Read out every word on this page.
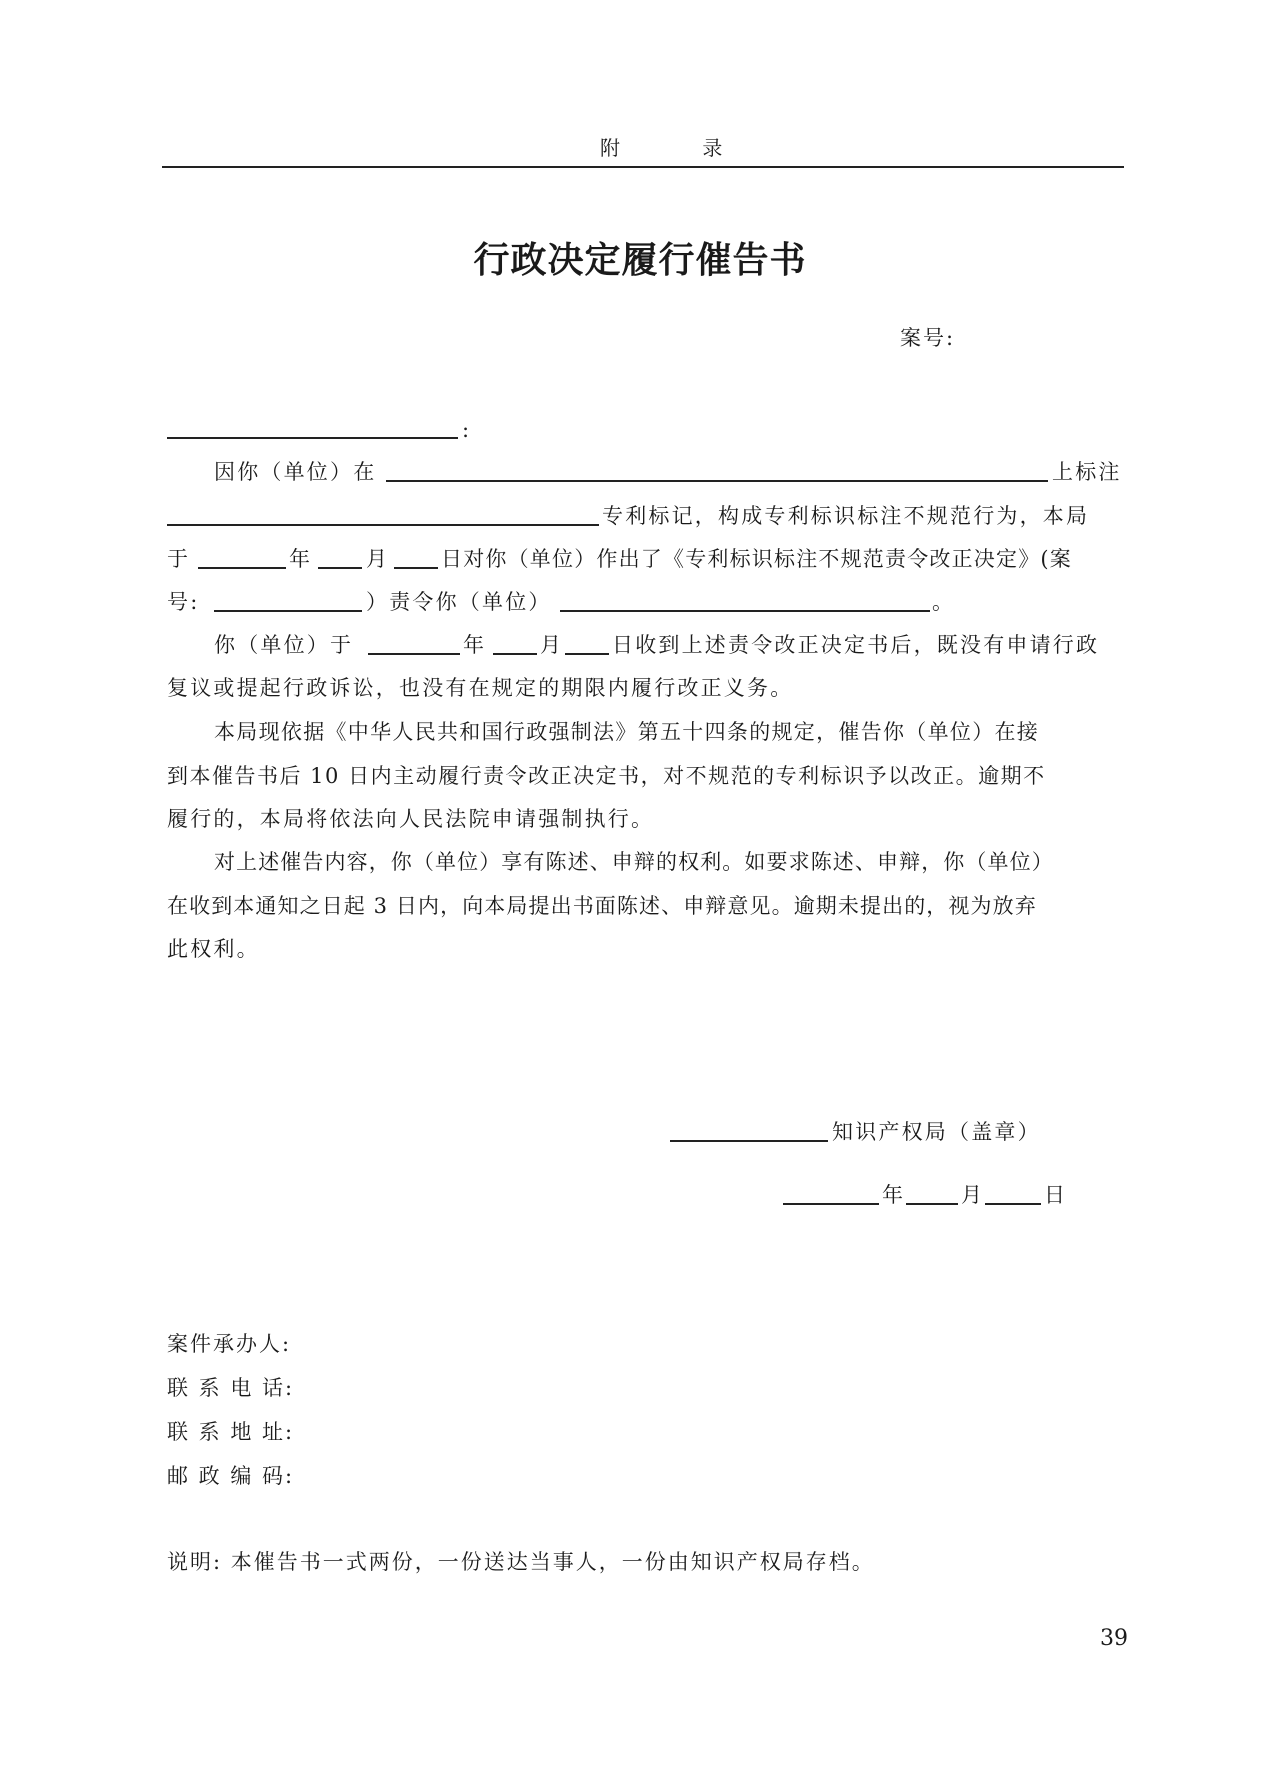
附 录
行政决定履行催告书
案号:
:
因你（单位）在	上标注
专利标记，构成专利标识标注不规范行为，本局
于	年	月 日对你（单位）作出了《专利标识标注不规范责令改正决定》(案
号:	）责令你（单位）	。
你（单位）于	年	月 日收到上述责令改正决定书后，既没有申请行政
复议或提起行政诉讼，也没有在规定的期限内履行改正义务。
本局现依据《中华人民共和国行政强制法》第五十四条的规定，催告你（单位）在接
到本催告书后 10 日内主动履行责令改正决定书，对不规范的专利标识予以改正。逾期不
履行的，本局将依法向人民法院申请强制执行。
对上述催告内容，你（单位）享有陈述、申辩的权利。如要求陈述、申辩，你（单位）
在收到本通知之日起 3 日内，向本局提出书面陈述、申辩意见。逾期未提出的，视为放弃
此权利。
知识产权局（盖章）
年	月	日
案件承办人:
联 系 电 话:
联 系 地 址:
邮 政 编 码:
说明: 本催告书一式两份，一份送达当事人，一份由知识产权局存档。
39
